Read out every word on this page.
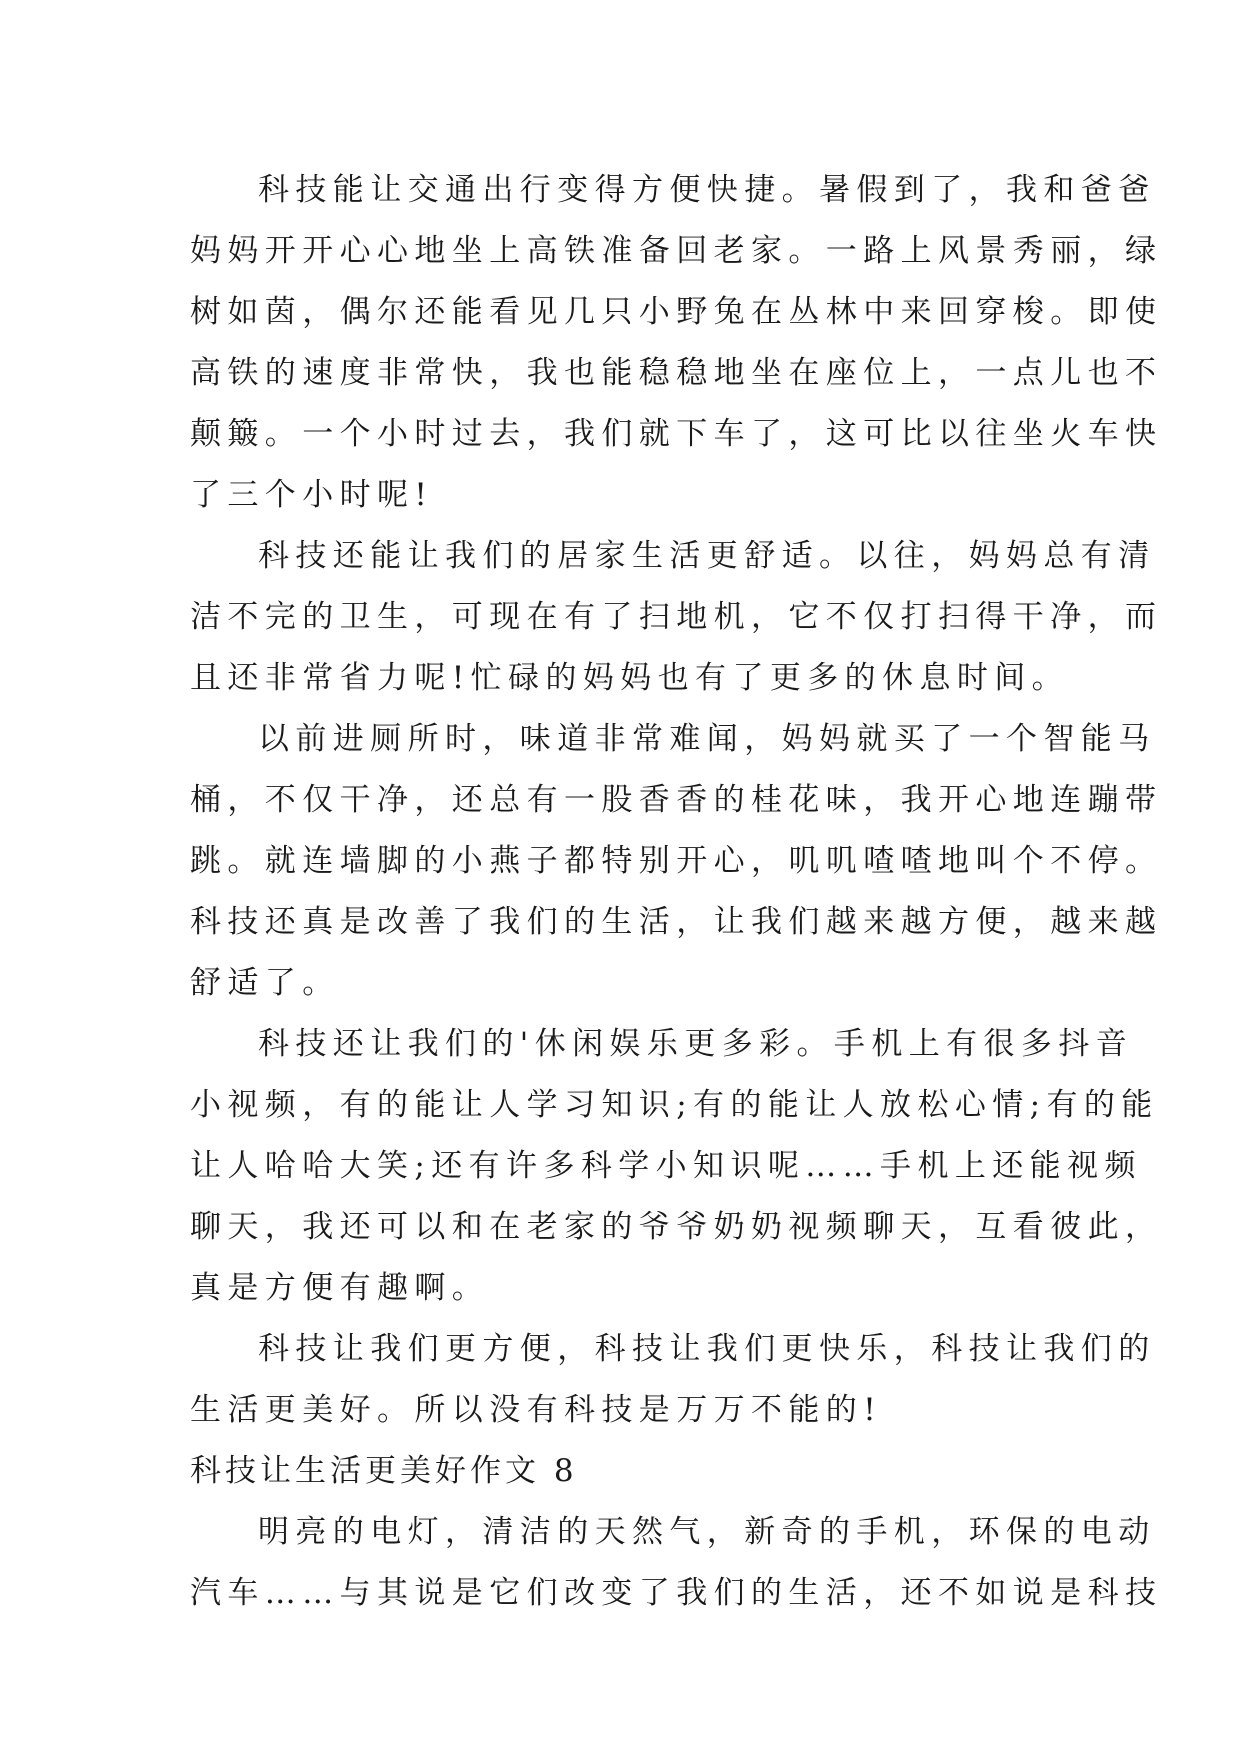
科技能让交通出行变得方便快捷。暑假到了，我和爸爸
妈妈开开心心地坐上高铁准备回老家。一路上风景秀丽，绿
树如茵，偶尔还能看见几只小野兔在丛林中来回穿梭。即使
高铁的速度非常快，我也能稳稳地坐在座位上，一点儿也不
颠簸。一个小时过去，我们就下车了，这可比以往坐火车快
了三个小时呢!
科技还能让我们的居家生活更舒适。以往，妈妈总有清
洁不完的卫生，可现在有了扫地机，它不仅打扫得干净，而
且还非常省力呢!忙碌的妈妈也有了更多的休息时间。
以前进厕所时，味道非常难闻，妈妈就买了一个智能马
桶，不仅干净，还总有一股香香的桂花味，我开心地连蹦带
跳。就连墙脚的小燕子都特别开心，叽叽喳喳地叫个不停。
科技还真是改善了我们的生活，让我们越来越方便，越来越
舒适了。
科技还让我们的'休闲娱乐更多彩。手机上有很多抖音
小视频，有的能让人学习知识;有的能让人放松心情;有的能
让人哈哈大笑;还有许多科学小知识呢……手机上还能视频
聊天，我还可以和在老家的爷爷奶奶视频聊天，互看彼此，
真是方便有趣啊。
科技让我们更方便，科技让我们更快乐，科技让我们的
生活更美好。所以没有科技是万万不能的!
科技让生活更美好作文 8
明亮的电灯，清洁的天然气，新奇的手机，环保的电动
汽车……与其说是它们改变了我们的生活，还不如说是科技
